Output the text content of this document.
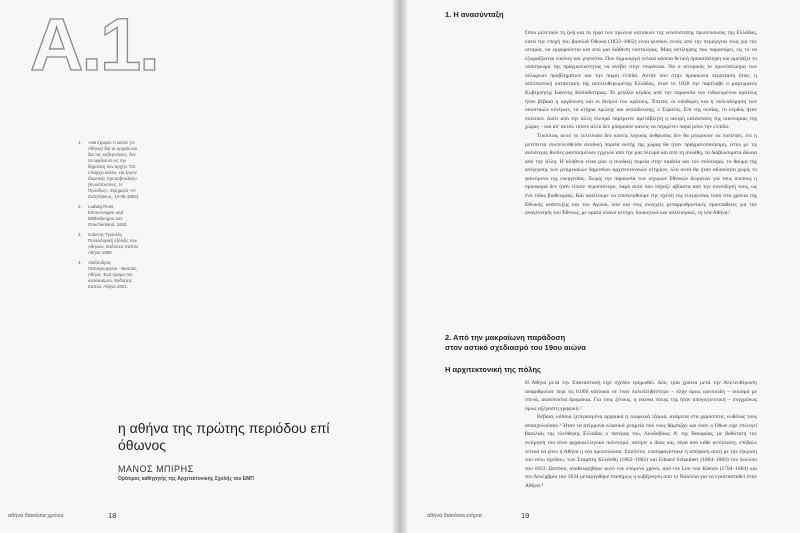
A.1.
1. «Να έχωμεν τι καλόν (Αι Αθήναι) δια τα αρχαία και δια τας κυβερνήσεις, δεν τα οφείλουσι εις την δημοτική των αρχήν. Ότι υπάρχει καλόν, εία έργον Ιδιωτικής πρωτοβουλίας» (Κωνσταντίνος, Η Πρόοδος», Εφημερίς «Η Συζητήσεως, 14-05-1893).
2. Ludwig Ross, Erinnerungen und Mittheilungen aus Griechenland, 1863.
3. Ιωάννης Τραυλός, Πολεοδομική εξέλιξις των Αθηνών, Εκδόσεις Καπόν, Αθήνα 1960.
4. Αλέξανδρος Παπαγεωργίου - Βενετάς, Αθήνα. Ένα όραμα του κλασικισμού, Εκδόσεις Καπόν, Αθήνα 2001.
η αθήνα της πρώτης περιόδου επί όθωνος
ΜΑΝΟΣ ΜΠΙΡΗΣ
Ομότιμος καθηγητής της Αρχιτεκτονικής Σχολής του ΕΜΠ
αθήνα διακόσια χρόνια	18
1. Η ανασύνταξη

Όσοι μελετούν τη ζωή και τα έργα των πρώτων κατοίκων της νεοσύστατης πρωτεύουσας της Ελλάδας, κατά την εποχή του βασιλιά Όθωνα (1832–1862) είναι φυσικό, εκτός από την περιέργεια τους για την ιστορία, να εμφορούνται και από μια διάθεση νοσταλγίας. Μιας αντίληψης που παρασύρει, εις το να εξωραΐζονται εικόνες και γεγονότα. Που δημιουργεί τελικά κάποια θετική προκατάληψη και αμετάξει το υπόστρωμα της πραγματικότητας να ανέβει στην επιφάνεια. Να ο ιστορικός το πρωτόπλασμα των πελώριων προβλημάτων και την πικρή ελπίδα. Αυτήν που στην προαιώνια περίσταση ήταν, η απελπιστική κατάσταση της απελευθερωμένης Ελλάδας, όταν το 1828 την παρέλαβε ο μαρτυρικός Κυβερνήτης Ιωάννης Καποδίστριας. Το μεγάλο κέρδος από την παρουσία του ειδικευμένου κράτους ήταν βέβαια η οργάνωση και οι θεσμοί του κράτους. Έπειτα, οι υποδομές και η πολεοδόμηση των οικιστικών κέντρων, τα κτήρια πρώτης και εκπαίδευσης, ο Στρατός. Επί της ουσίας, το κέρδος ήταν πολιτικό. Διότι από την άλλη πλευρά παρέμεινε αμετάβλητη η οικτρή κατάσταση της οικονομίας της χώρας – και απ' αυτού τίποτε άλλο δεν μπορούσε κανείς να περιμένει παρά μόνο την ελπίδα.

Τοιούτοις αυτό το τελευταίο δεν κανείς λογικός άνθρωπος δεν θα μπορούσε να πιστέψει, ότι η μετέπειτα συντελεσθείσα ανοδική πορεία αυτής της χώρας θα ήταν πραγματοποιήσιμη, έστω με τις αισιότερες θυσίες φαντασμένων εγχειών από την μια πλευρά και από τη συνάθη, τα διαβιώσιματα δίκαια από την άλλη. Η αλήθεια είναι μία: η ανοδική πορεία στην παιδεία και τον πολιτισμό, το θαύμα της ανέγερσης των μνημειακών δημοσίων αρχιτεκτονικών κτηρίων, όλα αυτά θα ήταν αδιανόητα χωρίς το φαινόμενο της ευεργεσίας. Χωρίς την παρουσία των ισχυρών Εθνικών δωρητών για τους οποίους η προσφορά δεν ήταν τίποτε περισσότερο, παρά αυτό που πήγαζε αβίαστα από την συνείδησή τους, ως ένα είδος βιοθεωρίας. Και οφείλουμε να επισκεφθούμε την σχέση της ευεργεσίας τόσο στα χρόνια της Εθνικής ανάπτυξης και του Αγώνα, όσο και στις συνεχείς μεταρρυθμιστικές προσπάθειες για την αναγέννηση του Έθνους, με ορατό πλάνο κέντρο, διοικητικό και πολιτισμικό, τη νέα Αθήνα.¹

2. Από την μακραίωνη παράδοση
στον αστικό σχεδιασμό του 19ου αιώνα
Η αρχιτεκτονική της πόλης

Η Αθήνα μετά την Επανάσταση είχε σχεδόν ερημωθεί. Δύο, τρία χρόνια μετά την Απελευθέρωση απαριθμούσε περί τις 8.000 κάτοικοι σε έναν πολυπληθέστερο – πλην όμως ερειπιώδη – οικισμό με στενά, ακανόνιστα δρομάκια. Για τους ξένους, η εικόνα πόλης της ήταν απογοητευτική – συγχρόνως όμως αξέχαστη γραφική.²

Βέβαια, κάποια ξεπερασμένα αρχαιικά ή τουρκικά τζαμιά, ανάμεσα στα χαμόσπιτα, νωθέλας τους απασχολούσαν.³ Ήταν τα ατέρμονα κλασικά μνημεία που τους θάμπιζαν και όταν ο Όθων είχε επιλεγεί βασιλιάς της ελεύθερης Ελλάδας ο πατέρας του, Λουδοβίκος Α' της Βαυαρίας, με βαθύτατη την εκτίμηση του στον αρχαιοελληνικό πολιτισμό, πάτησε ο ίδιος και, πέρα από κάθε αντίσταση, επέβαλε τελικά να γίνει η Αθήνα η νέα πρωτεύουσα. Επιπλέον, επισφραγίστηκε η απόφαση αυτή με την έγκριση του νέου σχεδίου, των Σταμάτη Κλεάνθη (1802–1862) και Eduard Schaubert (1804–1860) του Ιουλίου του 1833. Ωστόσο, αναθεωρήθηκε αυτό τον επόμενο χρόνο, από τον Leo von Klenze (1784–1864) και τον Δεκέμβριο του 1834 μεταφέρθηκε επισήμως η κυβέρνηση από το Ναύπλιο για να εγκατασταθεί στην Αθήνα.⁴

αθήνα διακόσια κτήρια	19
